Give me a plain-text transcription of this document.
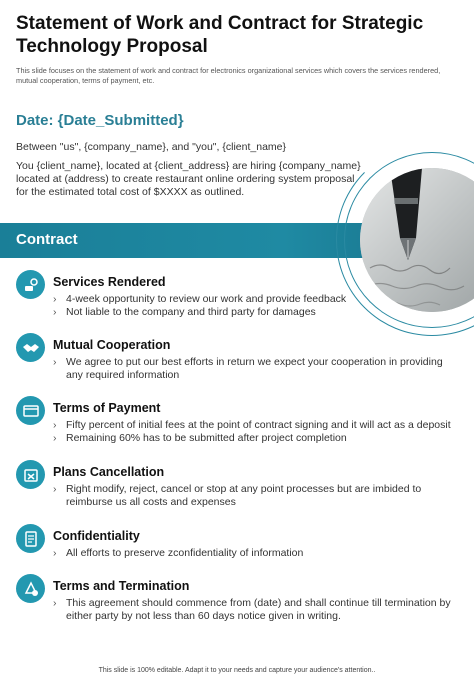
Statement of Work and Contract for Strategic Technology Proposal
This slide focuses on the statement of work and contract for electronics organizational services which covers the services rendered, mutual cooperation, terms of payment, etc.
Date: {Date_Submitted}
Between "us", {company_name}, and "you", {client_name}
You {client_name}, located at {client_address} are hiring {company_name} located at (address) to create restaurant online ordering system proposal for the estimated total cost of $XXXX as outlined.
Contract
Services Rendered
› 4-week opportunity to review our work and provide feedback
› Not liable to the company and third party for damages
Mutual Cooperation
› We agree to put our best efforts in return we expect your cooperation in providing any required information
Terms of Payment
› Fifty percent of initial fees at the point of contract signing and it will act as a deposit
› Remaining 60% has to be submitted after project completion
Plans Cancellation
› Right modify, reject, cancel or stop at any point processes but are imbided to reimburse us all costs and expenses
Confidentiality
› All efforts to preserve zconfidentiality of information
Terms and Termination
› This agreement should commence from (date) and shall continue till termination by either party by not less than 60 days notice given in writing.
This slide is 100% editable. Adapt it to your needs and capture your audience's attention..
